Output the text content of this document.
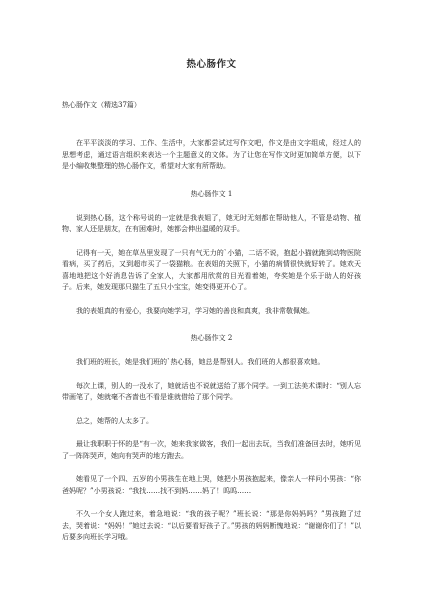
热心肠作文
热心肠作文（精选37篇）
在平平淡淡的学习、工作、生活中，大家都尝试过写作文吧，作文是由文字组成，经过人的思想考虑，通过语言组织来表达一个主题意义的文体。为了让您在写作文时更加简单方便，以下是小编收集整理的热心肠作文，希望对大家有所帮助。
热心肠作文 1
说到热心肠，这个称号说的一定就是我表姐了，她无时无刻都在帮助他人，不管是动物、植物、家人还是朋友，在有困难时，她都会伸出温暖的双手。
记得有一天，她在草丛里发现了一只有气无力的`小猫，二话不说，抱起小猫就跑到动物医院看病，买了药后，又到超市买了一袋猫粮。在表姐的关照下，小猫的病情很快就好转了。她欢天喜地地把这个好消息告诉了全家人，大家都用欣赏的目光看着她，夸奖她是个乐于助人的好孩子。后来，她发现那只猫生了五只小宝宝，她变得更开心了。
我的表姐真的有爱心，我要向她学习，学习她的善良和真爽，我非常敬佩她。
热心肠作文 2
我们班的班长，她是我们班的`热心肠，她总是帮别人。我们班的人都很喜欢她。
每次上课，别人的一没水了，她就话也不说就送给了那个同学。一到工法美术课时：“别人忘带画笔了，她就毫不吝啬也不看是谁就借给了那个同学。
总之，她帮的人太多了。
最让我职职于怀的是“有一次，她来我家做客，我们一起出去玩，当我们准备回去时，她听见了一阵阵哭声，她向有哭声的地方跑去。
她看见了一个四、五岁的小男孩生在地上哭，她把小男孩抱起来，像亲人一样问小男孩：“你爸妈呢？”小男孩说：“我找……找不到妈……妈了！呜呜……
不久一个女人跑过来，着急地说：“我的孩子呢？”班长说：“那是你妈妈吗？”男孩跑了过去，哭着说：“妈妈！”她过去说：“以后要看好孩子了。”男孩的妈妈断愧地说：“谢谢你们了！”以后要多向班长学习哦。
